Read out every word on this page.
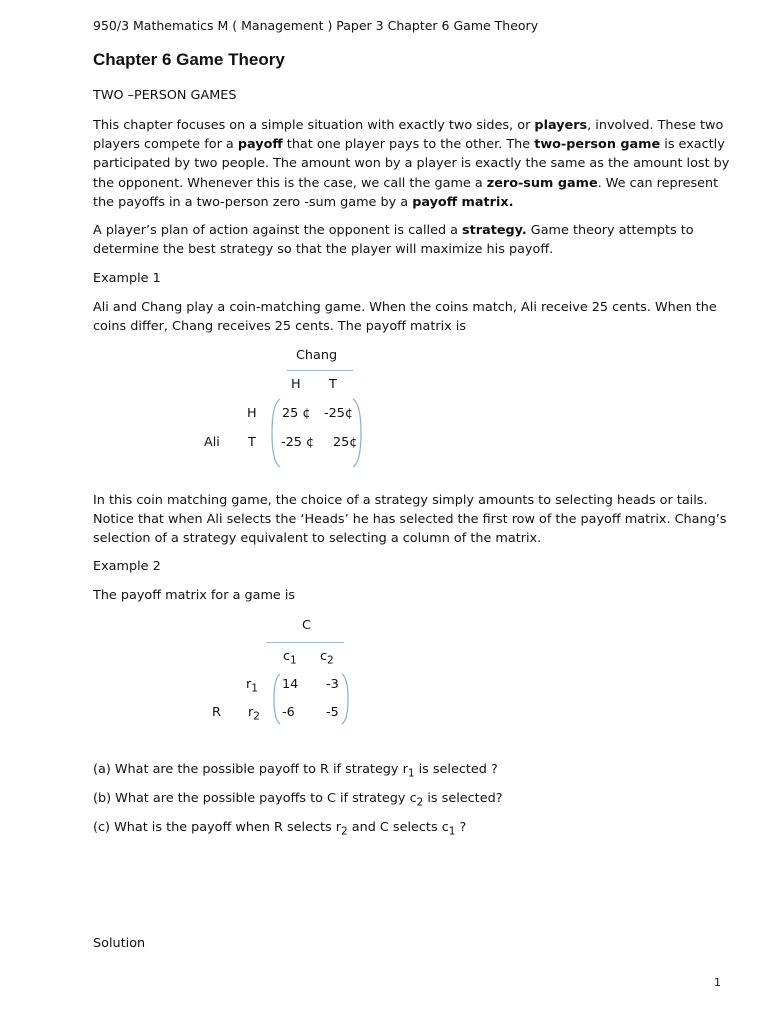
950/3 Mathematics M ( Management ) Paper 3 Chapter 6 Game Theory
Chapter 6 Game Theory
TWO –PERSON GAMES
This chapter focuses on a simple situation with exactly two sides, or players, involved. These two players compete for a payoff that one player pays to the other. The two-person game is exactly participated by two people. The amount won by a player is exactly the same as the amount lost by the opponent. Whenever this is the case, we call the game a zero-sum game. We can represent the payoffs in a two-person zero -sum game by a payoff matrix.
A player’s plan of action against the opponent is called a strategy. Game theory attempts to determine the best strategy so that the player will maximize his payoff.
Example 1
Ali and Chang play a coin-matching game. When the coins match, Ali receive 25 cents. When the coins differ, Chang receives 25 cents. The payoff matrix is
Chang
H T
H
Ali T
25 ¢ -25¢
-25 ¢ 25¢
In this coin matching game, the choice of a strategy simply amounts to selecting heads or tails. Notice that when Ali selects the ‘Heads’ he has selected the first row of the payoff matrix. Chang’s selection of a strategy equivalent to selecting a column of the matrix.
Example 2
The payoff matrix for a game is
C
$c_1$ $c_2$
$r_1$
R $r_2$
14 -3
-6 -5
(a) What are the possible payoff to R if strategy $r_1$ is selected ?
(b) What are the possible payoffs to C if strategy $c_2$ is selected?
(c) What is the payoff when R selects $r_2$ and C selects $c_1$ ?
Solution
1
